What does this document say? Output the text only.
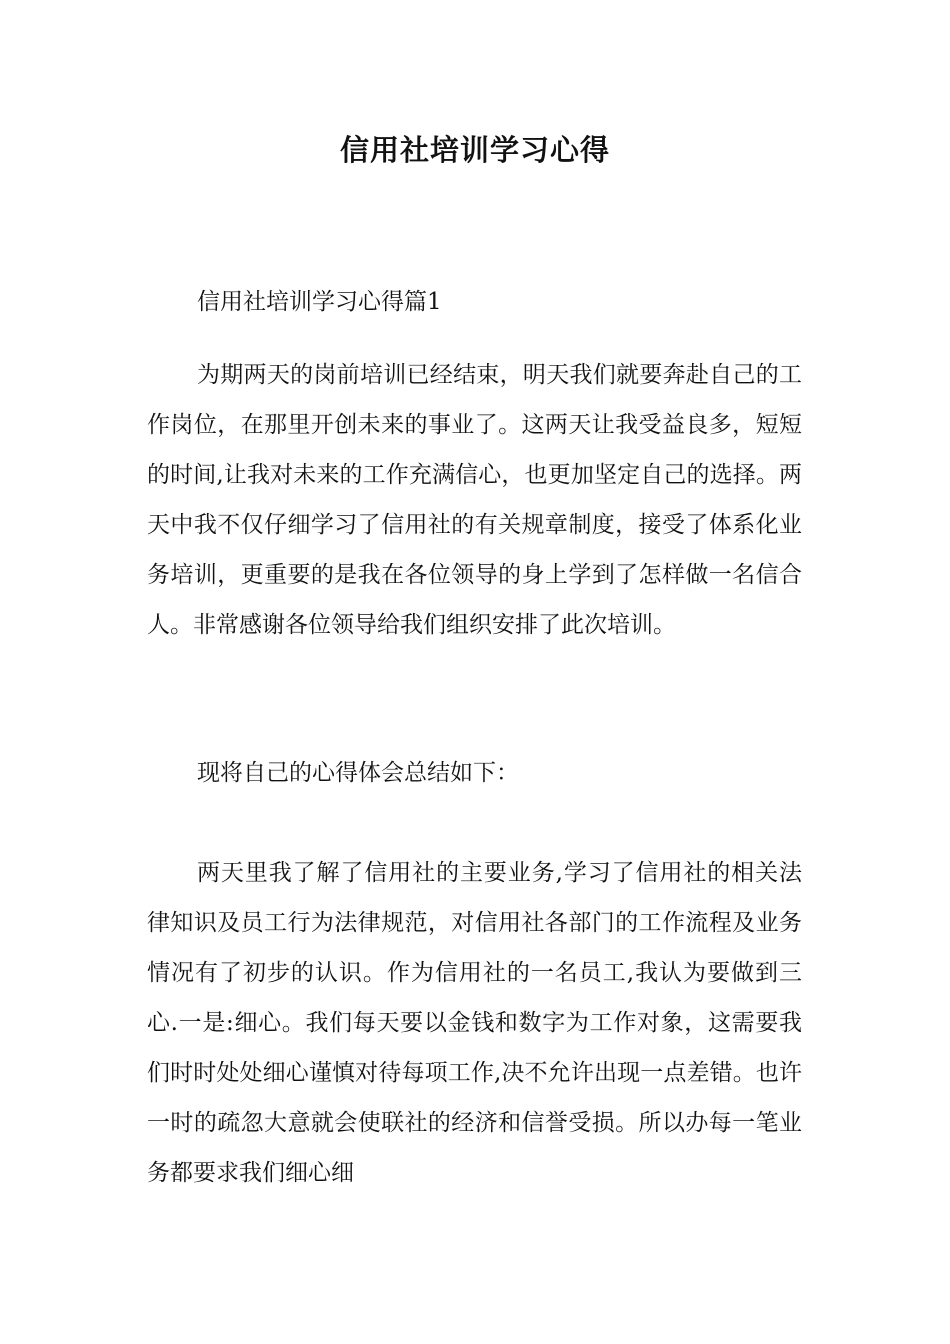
信用社培训学习心得
信用社培训学习心得篇1

为期两天的岗前培训已经结束，明天我们就要奔赴自己的工作岗位，在那里开创未来的事业了。这两天让我受益良多，短短的时间,让我对未来的工作充满信心，也更加坚定自己的选择。两天中我不仅仔细学习了信用社的有关规章制度，接受了体系化业务培训，更重要的是我在各位领导的身上学到了怎样做一名信合人。非常感谢各位领导给我们组织安排了此次培训。

现将自己的心得体会总结如下：

两天里我了解了信用社的主要业务,学习了信用社的相关法律知识及员工行为法律规范，对信用社各部门的工作流程及业务情况有了初步的认识。作为信用社的一名员工,我认为要做到三心.一是:细心。我们每天要以金钱和数字为工作对象，这需要我们时时处处细心谨慎对待每项工作,决不允许出现一点差错。也许一时的疏忽大意就会使联社的经济和信誉受损。所以办每一笔业务都要求我们细心细
